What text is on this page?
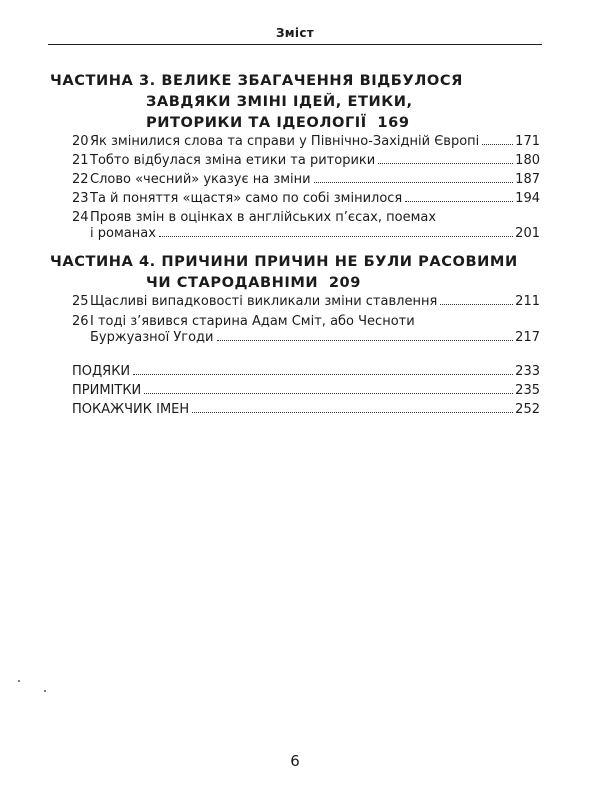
Зміст
ЧАСТИНА 3. ВЕЛИКЕ ЗБАГАЧЕННЯ ВІДБУЛОСЯ
ЗАВДЯКИ ЗМІНІ ІДЕЙ, ЕТИКИ,
РИТОРИКИ ТА ІДЕОЛОГІЇ 169
20 Як змінилися слова та справи у Північно-Західній Європі	171
21 Тобто відбулася зміна етики та риторики	180
22 Слово «чесний» указує на зміни	187
23 Та й поняття «щастя» само по собі змінилося	194
24 Прояв змін в оцінках в англійських п’єсах, поемах
і романах	201
ЧАСТИНА 4. ПРИЧИНИ ПРИЧИН НЕ БУЛИ РАСОВИМИ
ЧИ СТАРОДАВНІМИ 209
25 Щасливі випадковості викликали зміни ставлення	211
26 І тоді з’явився старина Адам Сміт, або Чесноти
Буржуазної Угоди	217
ПОДЯКИ	233
ПРИМІТКИ	235
ПОКАЖЧИК ІМЕН	252
6
